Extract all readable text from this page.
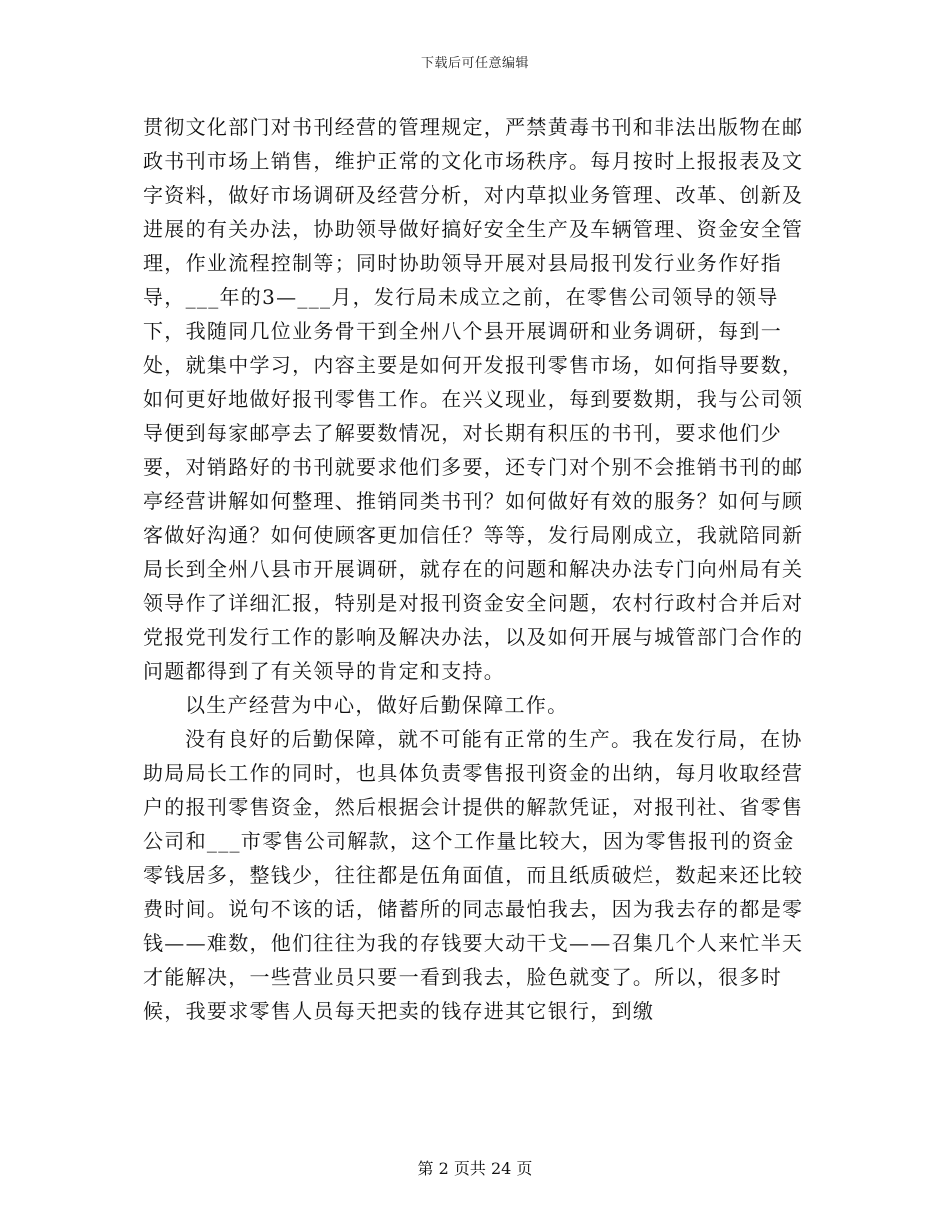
下载后可任意编辑

贯彻文化部门对书刊经营的管理规定，严禁黄毒书刊和非法出版物在邮政书刊市场上销售，维护正常的文化市场秩序。每月按时上报报表及文字资料，做好市场调研及经营分析，对内草拟业务管理、改革、创新及进展的有关办法，协助领导做好搞好安全生产及车辆管理、资金安全管理，作业流程控制等；同时协助领导开展对县局报刊发行业务作好指导，___年的3—___月，发行局未成立之前，在零售公司领导的领导下，我随同几位业务骨干到全州八个县开展调研和业务调研，每到一处，就集中学习，内容主要是如何开发报刊零售市场，如何指导要数，如何更好地做好报刊零售工作。在兴义现业，每到要数期，我与公司领导便到每家邮亭去了解要数情况，对长期有积压的书刊，要求他们少要，对销路好的书刊就要求他们多要，还专门对个别不会推销书刊的邮亭经营讲解如何整理、推销同类书刊？如何做好有效的服务？如何与顾客做好沟通？如何使顾客更加信任？等等，发行局刚成立，我就陪同新局长到全州八县市开展调研，就存在的问题和解决办法专门向州局有关领导作了详细汇报，特别是对报刊资金安全问题，农村行政村合并后对党报党刊发行工作的影响及解决办法，以及如何开展与城管部门合作的问题都得到了有关领导的肯定和支持。

以生产经营为中心，做好后勤保障工作。

没有良好的后勤保障，就不可能有正常的生产。我在发行局，在协助局局长工作的同时，也具体负责零售报刊资金的出纳，每月收取经营户的报刊零售资金，然后根据会计提供的解款凭证，对报刊社、省零售公司和___市零售公司解款，这个工作量比较大，因为零售报刊的资金零钱居多，整钱少，往往都是伍角面值，而且纸质破烂，数起来还比较费时间。说句不该的话，储蓄所的同志最怕我去，因为我去存的都是零钱——难数，他们往往为我的存钱要大动干戈——召集几个人来忙半天才能解决，一些营业员只要一看到我去，脸色就变了。所以，很多时候，我要求零售人员每天把卖的钱存进其它银行，到缴

第 2 页共 24 页
